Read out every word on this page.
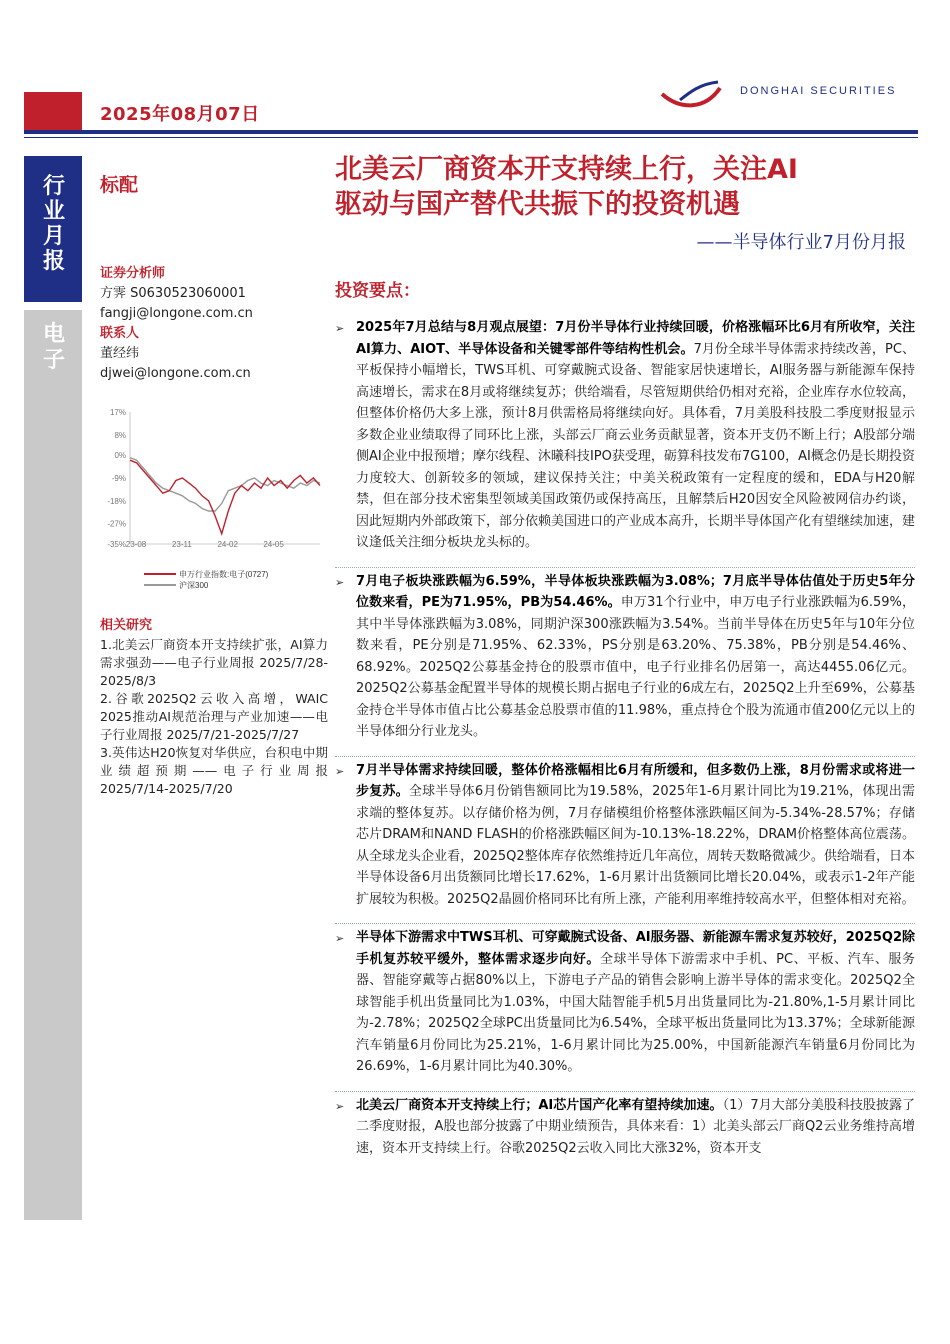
2025年08月07日
DONGHAI SECURITIES
行业月报
电子
标配	北美云厂商资本开支持续上行，关注AI
驱动与国产替代共振下的投资机遇
——半导体行业7月份月报
证券分析师
方霁 S0630523060001
fangji@longone.com.cn
联系人
董经纬
djwei@longone.com.cn
17%
8%
0%
-9%
-18%
-27%
-35% 23-08	23-11	24-02	24-05
申万行业指数:电子(0727)
沪深300
相关研究
1.北美云厂商资本开支持续扩张，AI算力需求强劲——电子行业周报 2025/7/28-2025/8/3
2.谷歌2025Q2云收入高增，WAIC 2025推动AI规范治理与产业加速——电子行业周报 2025/7/21-2025/7/27
3.英伟达H20恢复对华供应，台积电中期业绩超预期——电子行业周报 2025/7/14-2025/7/20
投资要点：
➢ 2025年7月总结与8月观点展望：7月份半导体行业持续回暖，价格涨幅环比6月有所收窄，关注AI算力、AIOT、半导体设备和关键零部件等结构性机会。7月份全球半导体需求持续改善，PC、平板保持小幅增长，TWS耳机、可穿戴腕式设备、智能家居快速增长，AI服务器与新能源车保持高速增长，需求在8月或将继续复苏；供给端看，尽管短期供给仍相对充裕，企业库存水位较高，但整体价格仍大多上涨，预计8月供需格局将继续向好。具体看，7月美股科技股二季度财报显示多数企业业绩取得了同环比上涨，头部云厂商云业务贡献显著，资本开支仍不断上行；A股部分端侧AI企业中报预增；摩尔线程、沐曦科技IPO获受理，砺算科技发布7G100，AI概念仍是长期投资力度较大、创新较多的领域，建议保持关注；中美关税政策有一定程度的缓和，EDA与H20解禁，但在部分技术密集型领域美国政策仍或保持高压，且解禁后H20因安全风险被网信办约谈，因此短期内外部政策下，部分依赖美国进口的产业成本高升，长期半导体国产化有望继续加速，建议逢低关注细分板块龙头标的。
➢ 7月电子板块涨跌幅为6.59%，半导体板块涨跌幅为3.08%；7月底半导体估值处于历史5年分位数来看，PE为71.95%，PB为54.46%。申万31个行业中，申万电子行业涨跌幅为6.59%，其中半导体涨跌幅为3.08%，同期沪深300涨跌幅为3.54%。当前半导体在历史5年与10年分位数来看，PE分别是71.95%、62.33%，PS分别是63.20%、75.38%，PB分别是54.46%、68.92%。2025Q2公募基金持仓的股票市值中，电子行业排名仍居第一，高达4455.06亿元。2025Q2公募基金配置半导体的规模长期占据电子行业的6成左右，2025Q2上升至69%，公募基金持仓半导体市值占比公募基金总股票市值的11.98%，重点持仓个股为流通市值200亿元以上的半导体细分行业龙头。
➢ 7月半导体需求持续回暖，整体价格涨幅相比6月有所缓和，但多数仍上涨，8月份需求或将进一步复苏。全球半导体6月份销售额同比为19.58%，2025年1-6月累计同比为19.21%，体现出需求端的整体复苏。以存储价格为例，7月存储模组价格整体涨跌幅区间为-5.34%-28.57%；存储芯片DRAM和NAND FLASH的价格涨跌幅区间为-10.13%-18.22%，DRAM价格整体高位震荡。从全球龙头企业看，2025Q2整体库存依然维持近几年高位，周转天数略微减少。供给端看，日本半导体设备6月出货额同比增长17.62%，1-6月累计出货额同比增长20.04%，或表示1-2年产能扩展较为积极。2025Q2晶圆价格同环比有所上涨，产能利用率维持较高水平，但整体相对充裕。
➢ 半导体下游需求中TWS耳机、可穿戴腕式设备、AI服务器、新能源车需求复苏较好，2025Q2除手机复苏较平缓外，整体需求逐步向好。全球半导体下游需求中手机、PC、平板、汽车、服务器、智能穿戴等占据80%以上，下游电子产品的销售会影响上游半导体的需求变化。2025Q2全球智能手机出货量同比为1.03%，中国大陆智能手机5月出货量同比为-21.80%,1-5月累计同比为-2.78%；2025Q2全球PC出货量同比为6.54%，全球平板出货量同比为13.37%；全球新能源汽车销量6月份同比为25.21%，1-6月累计同比为25.00%，中国新能源汽车销量6月份同比为26.69%，1-6月累计同比为40.30%。
➢ 北美云厂商资本开支持续上行；AI芯片国产化率有望持续加速。（1）7月大部分美股科技股披露了二季度财报，A股也部分披露了中期业绩预告，具体来看：1）北美头部云厂商Q2云业务维持高增速，资本开支持续上行。谷歌2025Q2云收入同比大涨32%，资本开支
